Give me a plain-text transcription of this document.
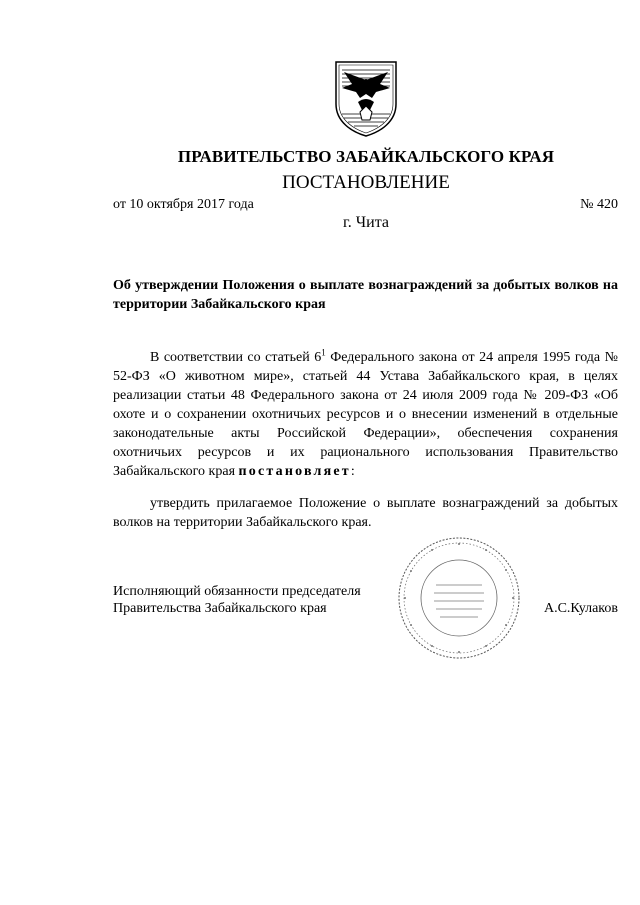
ПРАВИТЕЛЬСТВО ЗАБАЙКАЛЬСКОГО КРАЯ
ПОСТАНОВЛЕНИЕ
от 10 октября 2017 года	№ 420
г. Чита
Об утверждении Положения о выплате вознаграждений за добытых волков на территории Забайкальского края
В соответствии со статьей $6^1$ Федерального закона от 24 апреля 1995 года № 52-ФЗ «О животном мире», статьей 44 Устава Забайкальского края, в целях реализации статьи 48 Федерального закона от 24 июля 2009 года № 209-ФЗ «Об охоте и о сохранении охотничьих ресурсов и о внесении изменений в отдельные законодательные акты Российской Федерации», обеспечения сохранения охотничьих ресурсов и их рационального использования Правительство Забайкальского края постановляет:
утвердить прилагаемое Положение о выплате вознаграждений за добытых волков на территории Забайкальского края.
Исполняющий обязанности председателя
Правительства Забайкальского края	А.С.Кулаков
